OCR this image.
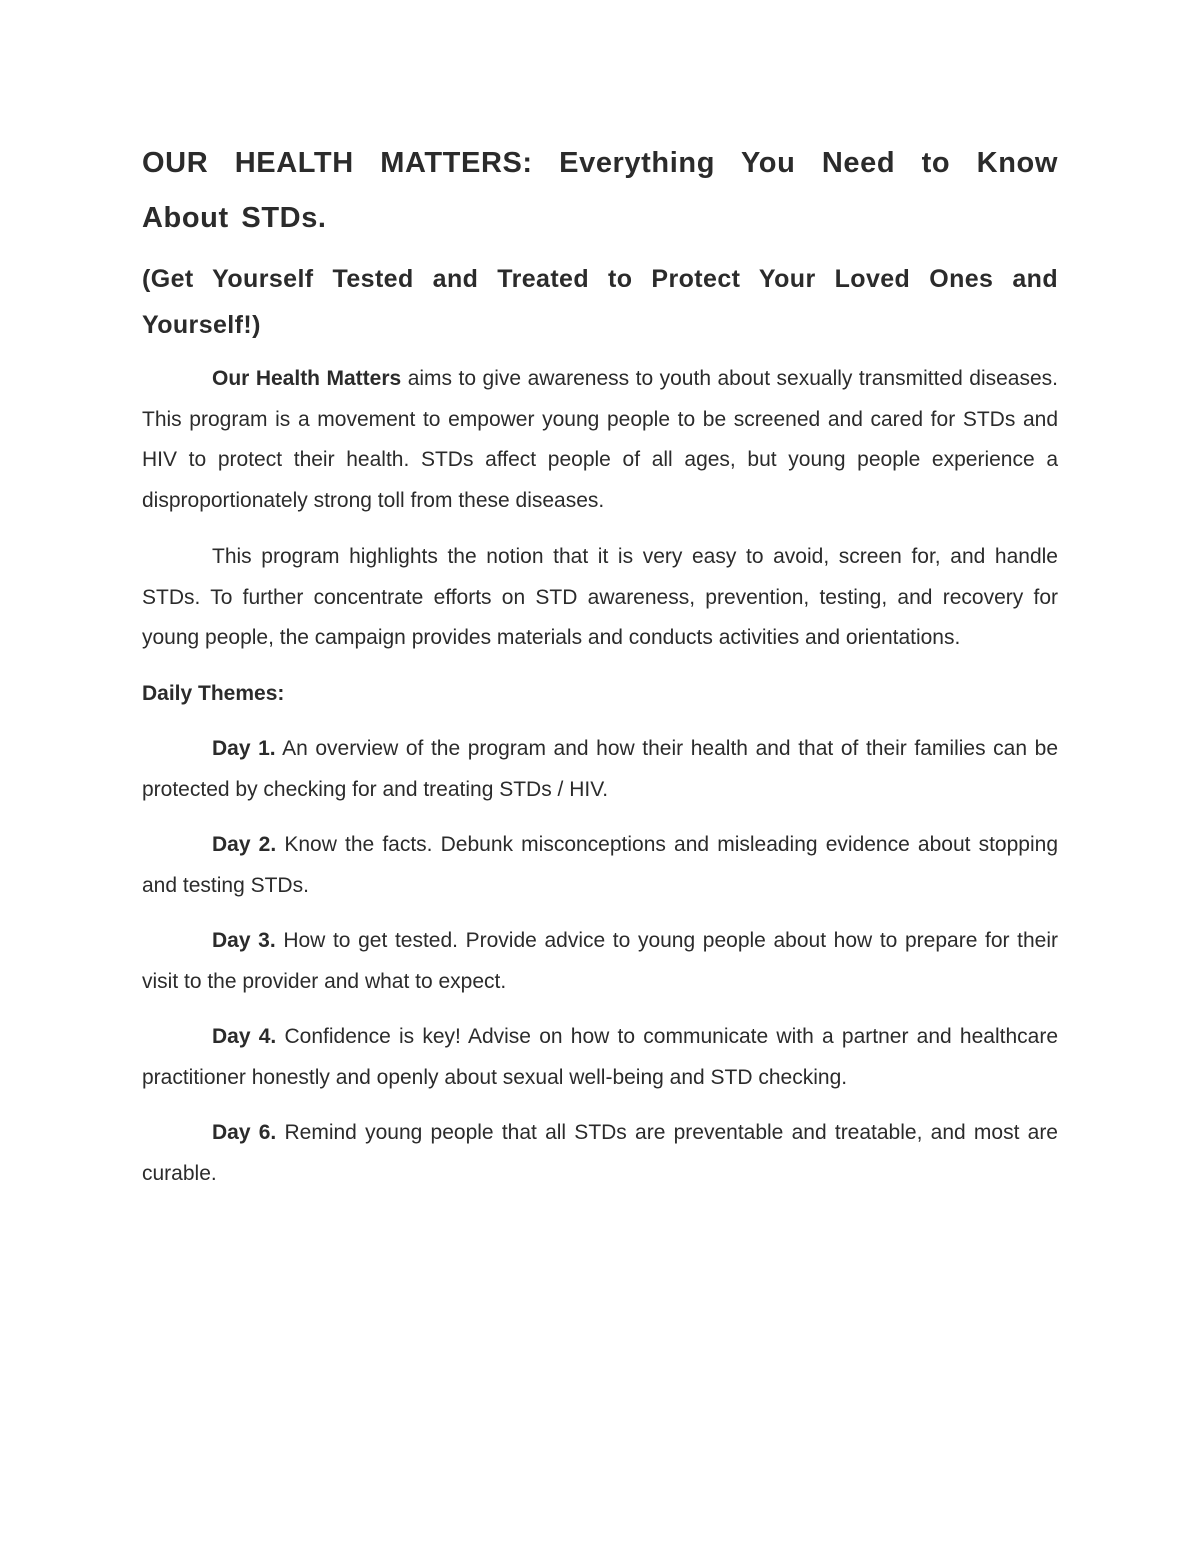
OUR HEALTH MATTERS: Everything You Need to Know About STDs.
(Get Yourself Tested and Treated to Protect Your Loved Ones and Yourself!)

Our Health Matters aims to give awareness to youth about sexually transmitted diseases. This program is a movement to empower young people to be screened and cared for STDs and HIV to protect their health. STDs affect people of all ages, but young people experience a disproportionately strong toll from these diseases.

This program highlights the notion that it is very easy to avoid, screen for, and handle STDs. To further concentrate efforts on STD awareness, prevention, testing, and recovery for young people, the campaign provides materials and conducts activities and orientations.

Daily Themes:

Day 1. An overview of the program and how their health and that of their families can be protected by checking for and treating STDs / HIV.

Day 2. Know the facts. Debunk misconceptions and misleading evidence about stopping and testing STDs.

Day 3. How to get tested. Provide advice to young people about how to prepare for their visit to the provider and what to expect.

Day 4. Confidence is key! Advise on how to communicate with a partner and healthcare practitioner honestly and openly about sexual well-being and STD checking.

Day 6. Remind young people that all STDs are preventable and treatable, and most are curable.
